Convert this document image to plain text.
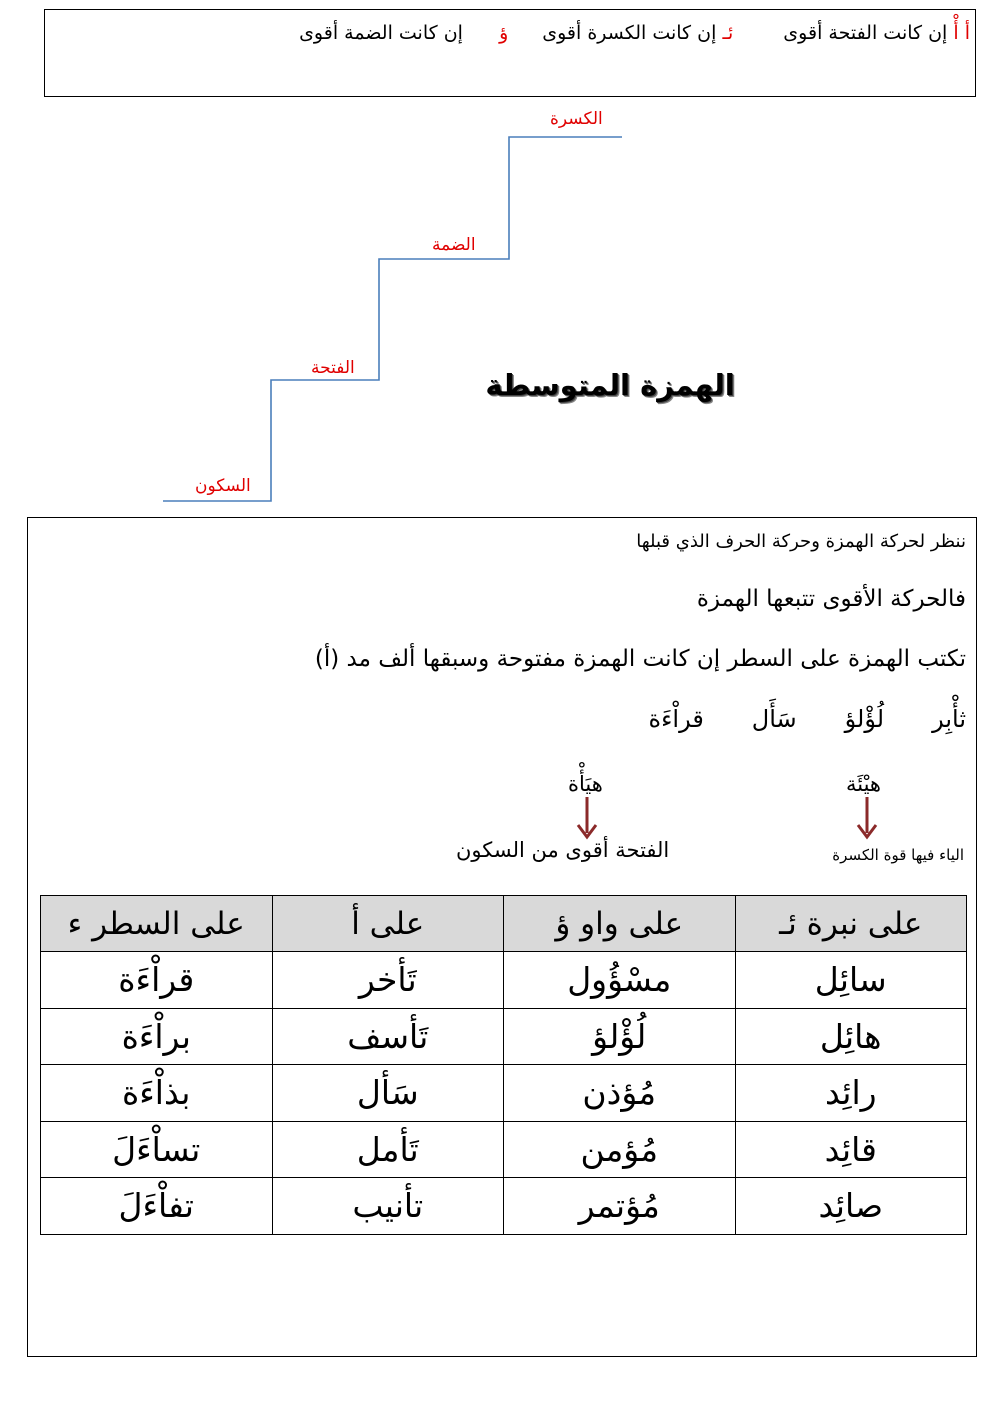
أ أْ إن كانت الفتحة أقوى
ئـ إن كانت الكسرة أقوى
ؤ  إن كانت الضمة أقوى
السكون
الفتحة
الضمة
الكسرة
الهمزة المتوسطة
ننظر لحركة الهمزة وحركة الحرف الذي قبلها
فالحركة الأقوى تتبعها الهمزة
تكتب الهمزة على السطر إن كانت الهمزة مفتوحة وسبقها ألف مد (أ)
ثأْبِر
لُؤْلؤ
سَأَل
قراْءَة
هيْئَة
هيَأْة
الياء فيها قوة الكسرة
الفتحة أقوى من السكون
على نبرة ئـ	على واو ؤ	على أ	على السطر ء
سائِل	مسْؤُول	تَأخر	قراْءَة
هائِل	لُؤْلؤ	تَأسف	براْءَة
رائِد	مُؤذن	سَأل	بذاْءَة
قائِد	مُؤمن	تَأمل	تساْءَلَ
صائِد	مُؤتمر	تأنيب	تفاْءَلَ
